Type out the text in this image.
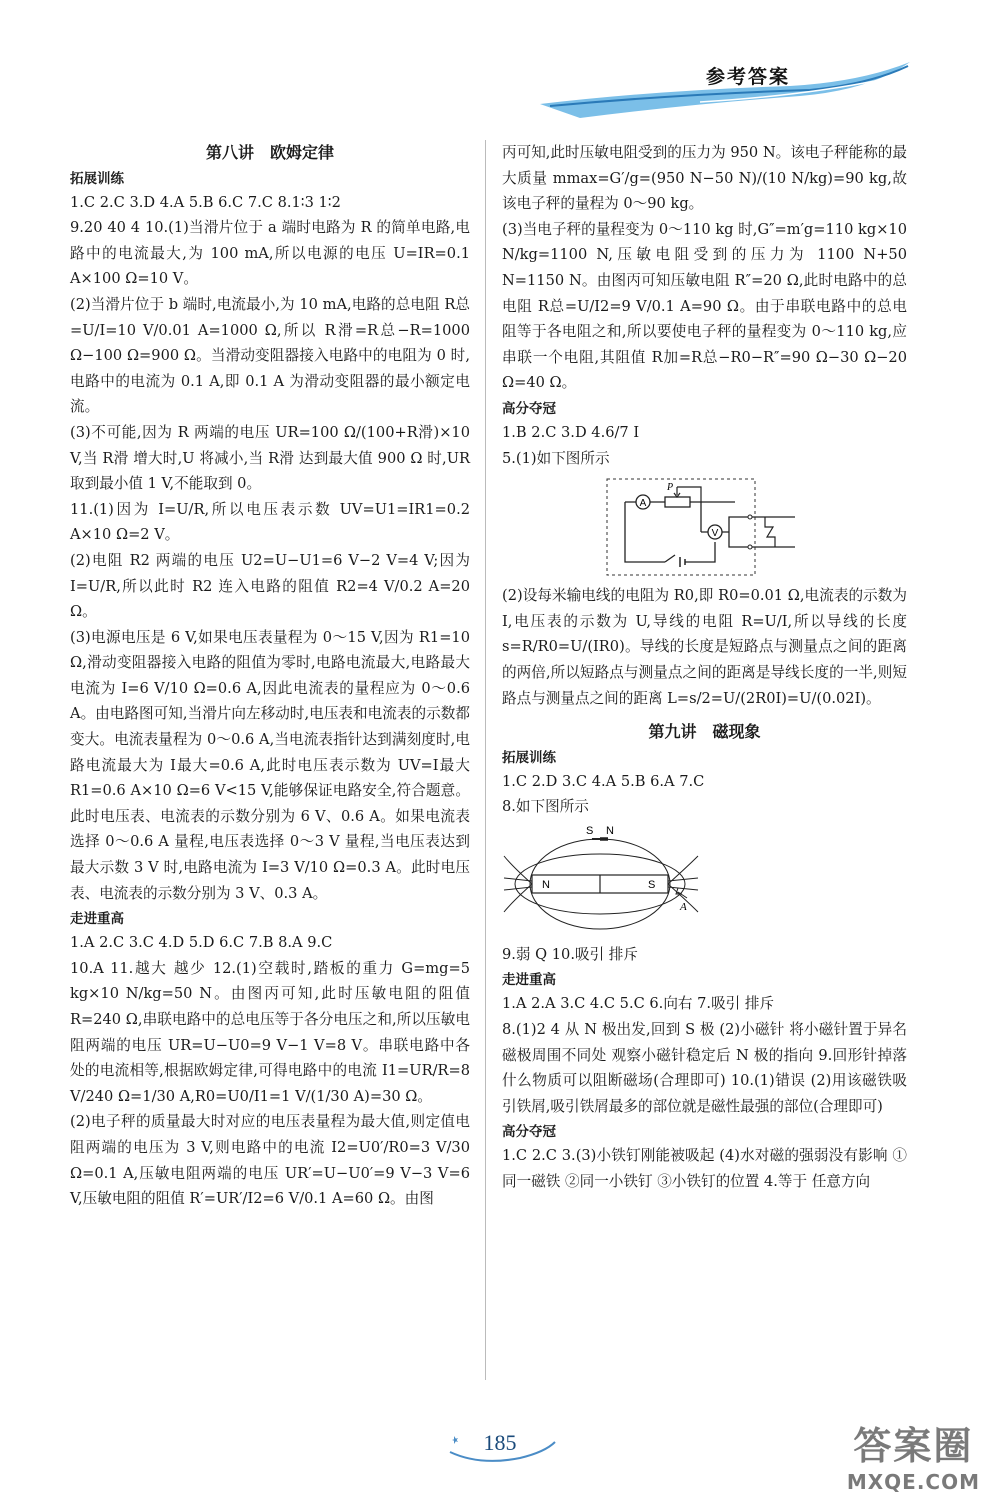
参考答案
第八讲　欧姆定律
拓展训练

1.C 2.C 3.D 4.A 5.B 6.C 7.C 8.1∶3 1∶2

9.20 40 4 10.(1)当滑片位于 a 端时电路为 R 的简单电路,电路中的电流最大,为 100 mA,所以电源的电压 U=IR=0.1 A×100 Ω=10 V。

(2)当滑片位于 b 端时,电流最小,为 10 mA,电路的总电阻 R总=U/I=10 V/0.01 A=1000 Ω,所以 R滑=R总−R=1000 Ω−100 Ω=900 Ω。当滑动变阻器接入电路中的电阻为 0 时,电路中的电流为 0.1 A,即 0.1 A 为滑动变阻器的最小额定电流。

(3)不可能,因为 R 两端的电压 UR=100 Ω/(100+R滑)×10 V,当 R滑 增大时,U 将减小,当 R滑 达到最大值 900 Ω 时,UR 取到最小值 1 V,不能取到 0。

11.(1)因为 I=U/R,所以电压表示数 UV=U1=IR1=0.2 A×10 Ω=2 V。

(2)电阻 R2 两端的电压 U2=U−U1=6 V−2 V=4 V;因为 I=U/R,所以此时 R2 连入电路的阻值 R2=4 V/0.2 A=20 Ω。

(3)电源电压是 6 V,如果电压表量程为 0～15 V,因为 R1=10 Ω,滑动变阻器接入电路的阻值为零时,电路电流最大,电路最大电流为 I=6 V/10 Ω=0.6 A,因此电流表的量程应为 0～0.6 A。由电路图可知,当滑片向左移动时,电压表和电流表的示数都变大。电流表量程为 0～0.6 A,当电流表指针达到满刻度时,电路电流最大为 I最大=0.6 A,此时电压表示数为 UV=I最大R1=0.6 A×10 Ω=6 V<15 V,能够保证电路安全,符合题意。此时电压表、电流表的示数分别为 6 V、0.6 A。如果电流表选择 0～0.6 A 量程,电压表选择 0～3 V 量程,当电压表达到最大示数 3 V 时,电路电流为 I=3 V/10 Ω=0.3 A。此时电压表、电流表的示数分别为 3 V、0.3 A。

走进重高

1.A 2.C 3.C 4.D 5.D 6.C 7.B 8.A 9.C

10.A 11.越大 越少 12.(1)空载时,踏板的重力 G=mg=5 kg×10 N/kg=50 N。由图丙可知,此时压敏电阻的阻值 R=240 Ω,串联电路中的总电压等于各分电压之和,所以压敏电阻两端的电压 UR=U−U0=9 V−1 V=8 V。串联电路中各处的电流相等,根据欧姆定律,可得电路中的电流 I1=UR/R=8 V/240 Ω=1/30 A,R0=U0/I1=1 V/(1/30 A)=30 Ω。

(2)电子秤的质量最大时对应的电压表量程为最大值,则定值电阻两端的电压为 3 V,则电路中的电流 I2=U0′/R0=3 V/30 Ω=0.1 A,压敏电阻两端的电压 UR′=U−U0′=9 V−3 V=6 V,压敏电阻的阻值 R′=UR′/I2=6 V/0.1 A=60 Ω。由图

丙可知,此时压敏电阻受到的压力为 950 N。该电子秤能称的最大质量 mmax=G′/g=(950 N−50 N)/(10 N/kg)=90 kg,故该电子秤的量程为 0～90 kg。

(3)当电子秤的量程变为 0～110 kg 时,G″=m′g=110 kg×10 N/kg=1100 N,压敏电阻受到的压力为 1100 N+50 N=1150 N。由图丙可知压敏电阻 R″=20 Ω,此时电路中的总电阻 R总=U/I2=9 V/0.1 A=90 Ω。由于串联电路中的总电阻等于各电阻之和,所以要使电子秤的量程变为 0～110 kg,应串联一个电阻,其阻值 R加=R总−R0−R″=90 Ω−30 Ω−20 Ω=40 Ω。

高分夺冠

1.B 2.C 3.D 4.6/7 I

5.(1)如下图所示

A
P
V

(2)设每米输电线的电阻为 R0,即 R0=0.01 Ω,电流表的示数为 I,电压表的示数为 U,导线的电阻 R=U/I,所以导线的长度 s=R/R0=U/(IR0)。导线的长度是短路点与测量点之间的距离的两倍,所以短路点与测量点之间的距离是导线长度的一半,则短路点与测量点之间的距离 L=s/2=U/(2R0I)=U/(0.02I)。

第九讲　磁现象
拓展训练

1.C 2.D 3.C 4.A 5.B 6.A 7.C

8.如下图所示

N	S
S N
A

9.弱 Q 10.吸引 排斥

走进重高

1.A 2.A 3.C 4.C 5.C 6.向右 7.吸引 排斥

8.(1)2 4 从 N 极出发,回到 S 极 (2)小磁针 将小磁针置于异名磁极周围不同处 观察小磁针稳定后 N 极的指向 9.回形针掉落 什么物质可以阻断磁场(合理即可) 10.(1)错误 (2)用该磁铁吸引铁屑,吸引铁屑最多的部位就是磁性最强的部位(合理即可)

高分夺冠

1.C 2.C 3.(3)小铁钉刚能被吸起 (4)水对磁的强弱没有影响 ①同一磁铁 ②同一小铁钉 ③小铁钉的位置 4.等于 任意方向

185	答案圈
MXQE.COM
